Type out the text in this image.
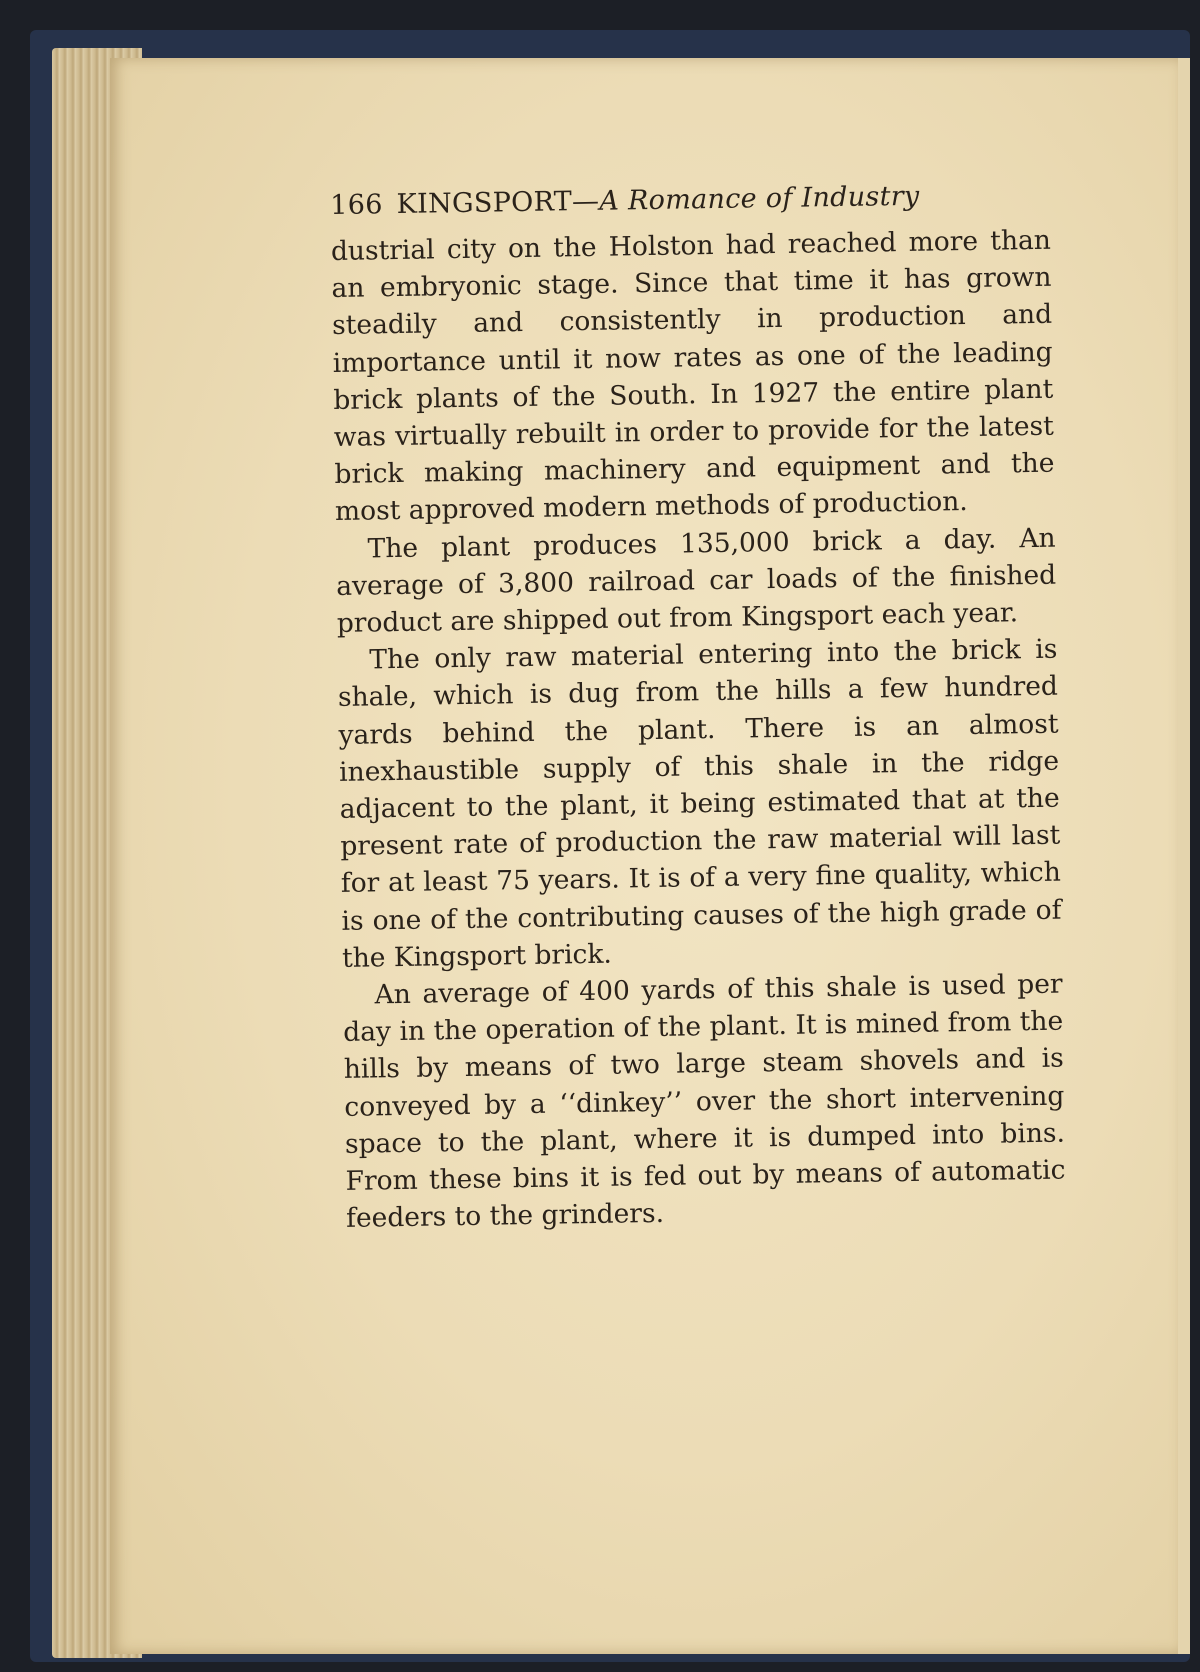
166 KINGSPORT—A Romance of Industry

dustrial city on the Holston had reached more than an embryonic stage. Since that time it has grown steadily and consistently in production and importance until it now rates as one of the leading brick plants of the South. In 1927 the entire plant was virtually rebuilt in order to provide for the latest brick making machinery and equipment and the most approved modern methods of production.

The plant produces 135,000 brick a day. An average of 3,800 railroad car loads of the finished product are shipped out from Kingsport each year.

The only raw material entering into the brick is shale, which is dug from the hills a few hundred yards behind the plant. There is an almost inexhaustible supply of this shale in the ridge adjacent to the plant, it being estimated that at the present rate of production the raw material will last for at least 75 years. It is of a very fine quality, which is one of the contributing causes of the high grade of the Kingsport brick.

An average of 400 yards of this shale is used per day in the operation of the plant. It is mined from the hills by means of two large steam shovels and is conveyed by a ‘‘dinkey’’ over the short intervening space to the plant, where it is dumped into bins. From these bins it is fed out by means of automatic feeders to the grinders.
